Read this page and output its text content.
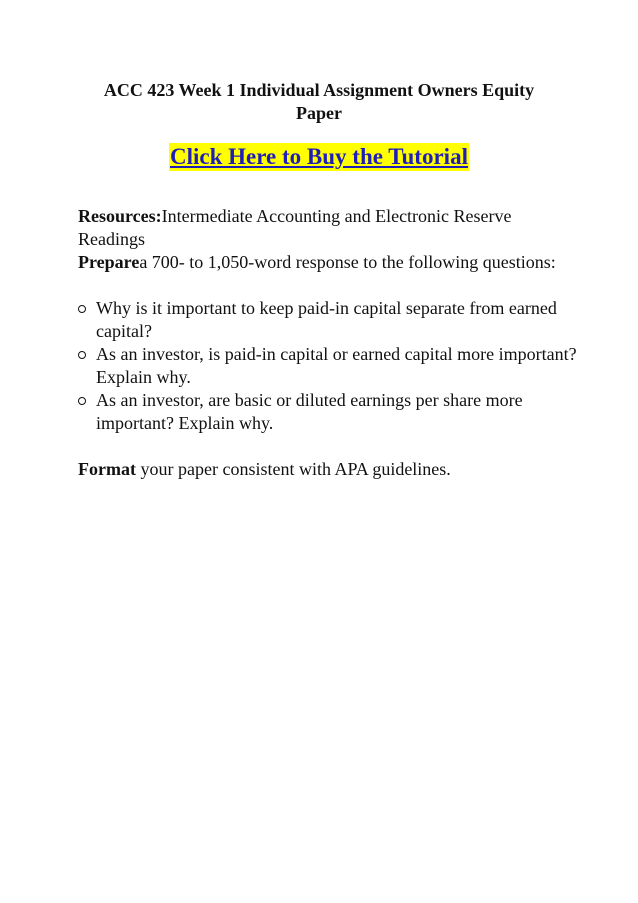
ACC 423 Week 1 Individual Assignment Owners Equity
Paper
Click Here to Buy the Tutorial

Resources:Intermediate Accounting and Electronic Reserve Readings

Preparea 700- to 1,050-word response to the following questions:

Why is it important to keep paid-in capital separate from earned capital?
As an investor, is paid-in capital or earned capital more important? Explain why.
As an investor, are basic or diluted earnings per share more important? Explain why.

Format your paper consistent with APA guidelines.
